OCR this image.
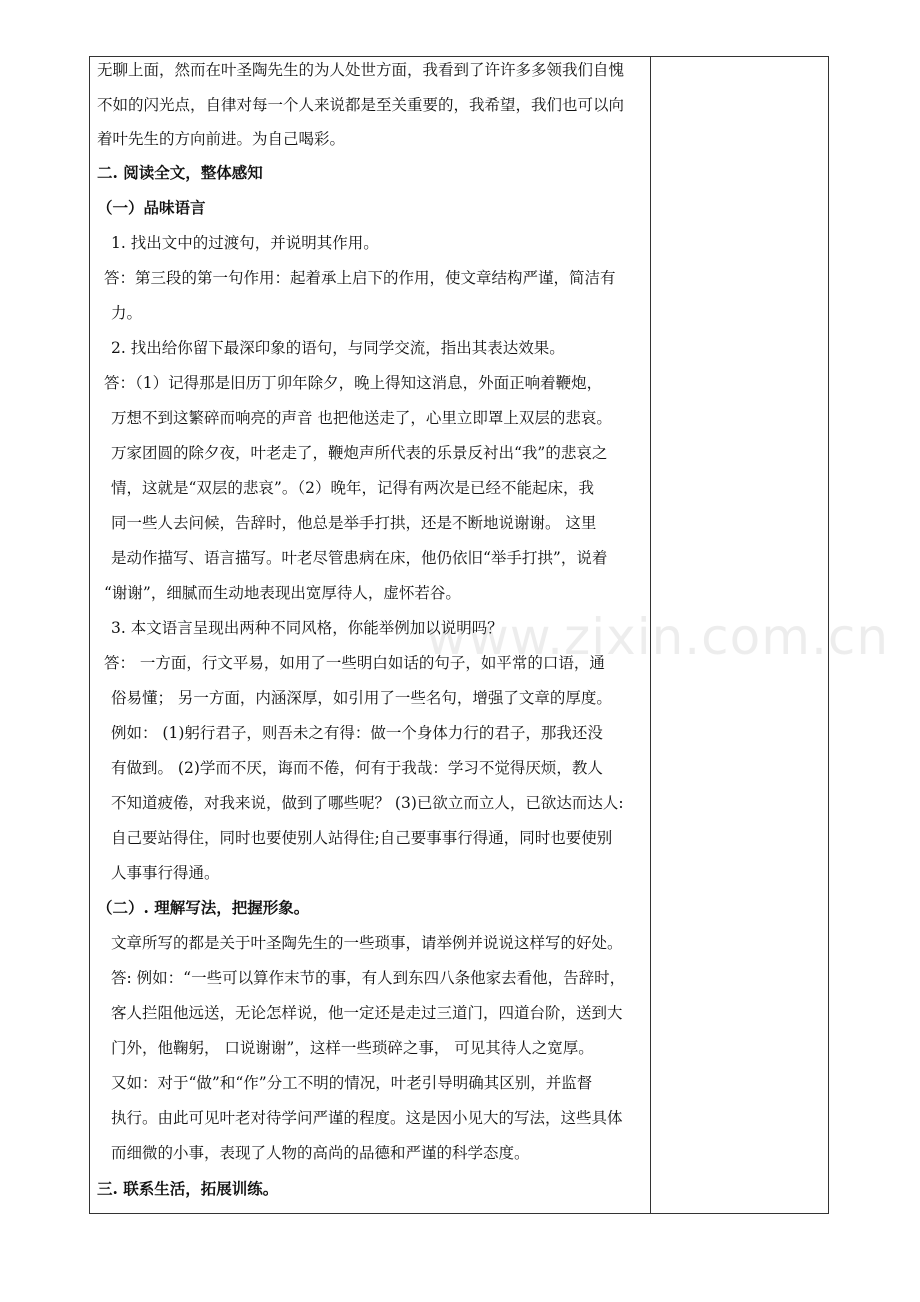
www.zixin.com.cn
无聊上面，然而在叶圣陶先生的为人处世方面，我看到了许许多多领我们自愧
不如的闪光点，自律对每一个人来说都是至关重要的，我希望，我们也可以向
着叶先生的方向前进。为自己喝彩。
二. 阅读全文，整体感知
（一）品味语言
1. 找出文中的过渡句，并说明其作用。
答：第三段的第一句作用：起着承上启下的作用，使文章结构严谨，简洁有
力。
2. 找出给你留下最深印象的语句，与同学交流，指出其表达效果。
答：（1）记得那是旧历丁卯年除夕，晚上得知这消息，外面正响着鞭炮，
万想不到这繁碎而响亮的声音 也把他送走了，心里立即罩上双层的悲哀。
万家团圆的除夕夜，叶老走了，鞭炮声所代表的乐景反衬出“我”的悲哀之
情，这就是“双层的悲哀”。（2）晚年，记得有两次是已经不能起床，我
同一些人去问候，告辞时，他总是举手打拱，还是不断地说谢谢。 这里
是动作描写、语言描写。叶老尽管患病在床，他仍依旧“举手打拱”，说着
“谢谢”，细腻而生动地表现出宽厚待人，虚怀若谷。
3. 本文语言呈现出两种不同风格，你能举例加以说明吗？
答： 一方面，行文平易，如用了一些明白如话的句子，如平常的口语，通
俗易懂； 另一方面，内涵深厚，如引用了一些名句，增强了文章的厚度。
例如： (1)躬行君子，则吾未之有得：做一个身体力行的君子，那我还没
有做到。 (2)学而不厌，诲而不倦，何有于我哉：学习不觉得厌烦，教人
不知道疲倦，对我来说，做到了哪些呢？ (3)已欲立而立人，已欲达而达人:
自己要站得住，同时也要使别人站得住;自己要事事行得通，同时也要使别
人事事行得通。
（二）. 理解写法，把握形象。
文章所写的都是关于叶圣陶先生的一些琐事，请举例并说说这样写的好处。
答: 例如：“一些可以算作末节的事，有人到东四八条他家去看他，告辞时，
客人拦阻他远送，无论怎样说，他一定还是走过三道门，四道台阶，送到大
门外，他鞠躬， 口说谢谢”，这样一些琐碎之事， 可见其待人之宽厚。
又如：对于“做”和“作”分工不明的情况，叶老引导明确其区别，并监督
执行。由此可见叶老对待学问严谨的程度。这是因小见大的写法，这些具体
而细微的小事，表现了人物的高尚的品德和严谨的科学态度。
三. 联系生活，拓展训练。
